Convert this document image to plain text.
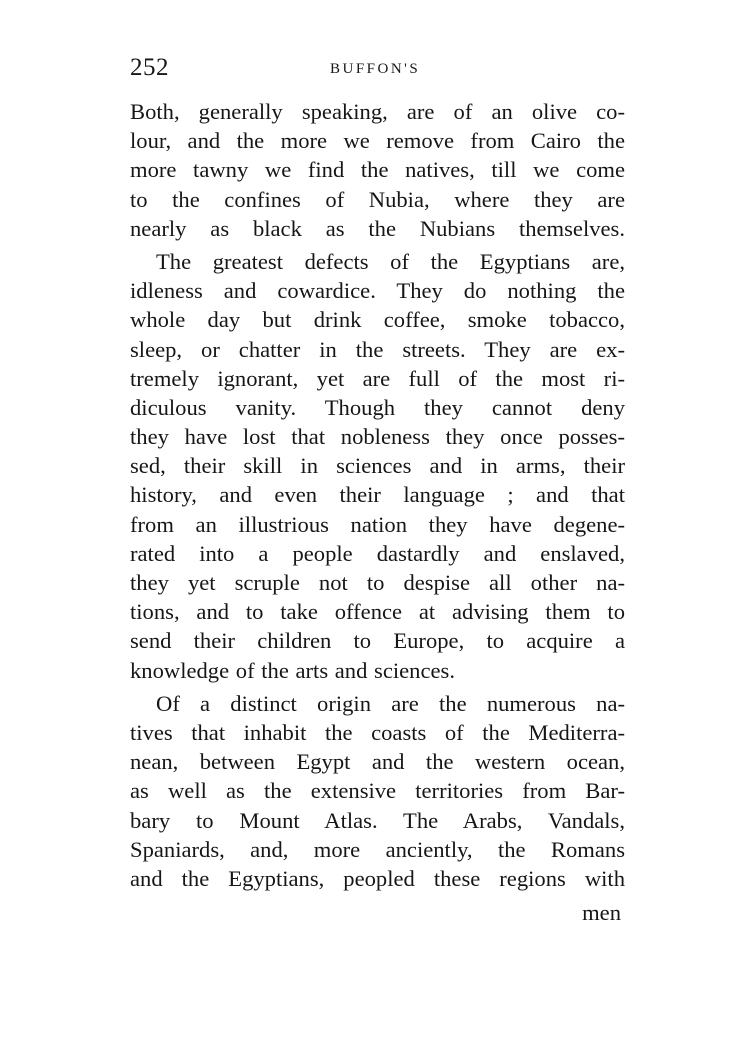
252	BUFFON'S
Both, generally speaking, are of an olive co-
lour, and the more we remove from Cairo the
more tawny we find the natives, till we come
to the confines of Nubia, where they are
nearly as black as the Nubians themselves.
The greatest defects of the Egyptians are,
idleness and cowardice. They do nothing the
whole day but drink coffee, smoke tobacco,
sleep, or chatter in the streets. They are ex-
tremely ignorant, yet are full of the most ri-
diculous vanity. Though they cannot deny
they have lost that nobleness they once posses-
sed, their skill in sciences and in arms, their
history, and even their language ; and that
from an illustrious nation they have degene-
rated into a people dastardly and enslaved,
they yet scruple not to despise all other na-
tions, and to take offence at advising them to
send their children to Europe, to acquire a
knowledge of the arts and sciences.
Of a distinct origin are the numerous na-
tives that inhabit the coasts of the Mediterra-
nean, between Egypt and the western ocean,
as well as the extensive territories from Bar-
bary to Mount Atlas. The Arabs, Vandals,
Spaniards, and, more anciently, the Romans
and the Egyptians, peopled these regions with
men
